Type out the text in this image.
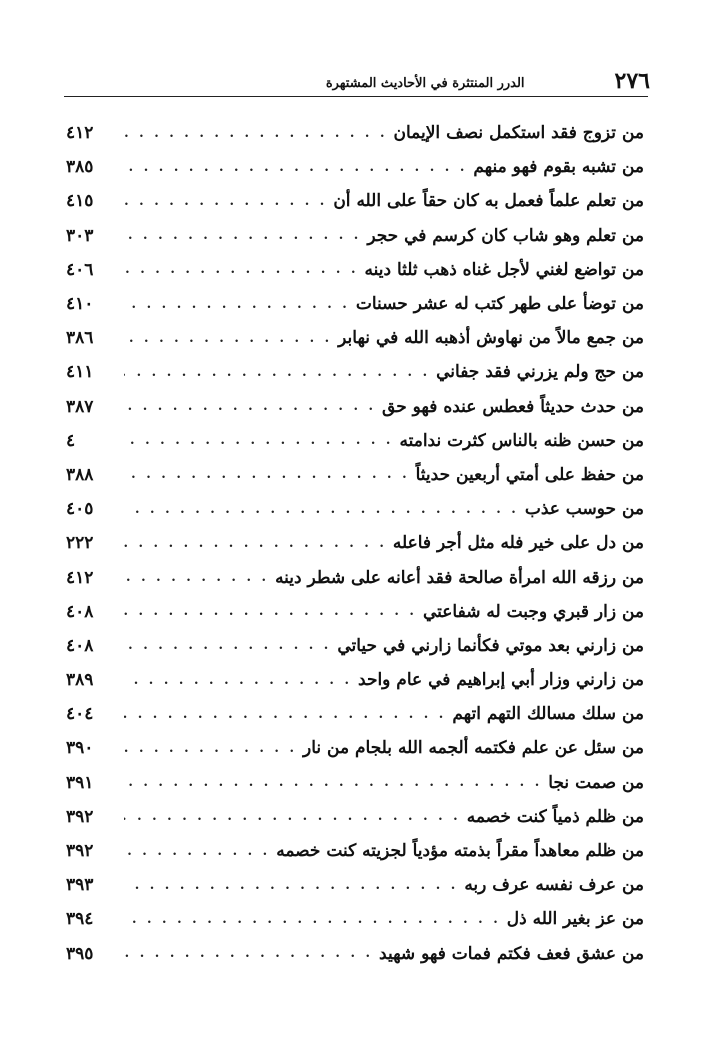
٢٧٦
الدرر المنتثرة في الأحاديث المشتهرة
من تزوج فقد استكمل نصف الإيمان
. . .
٤١٢
من تشبه بقوم فهو منهم
. . .
٣٨٥
من تعلم علماً فعمل به كان حقاً على الله أن
. . .
٤١٥
من تعلم وهو شاب كان كرسم في حجر
. . .
٣٠٣
من تواضع لغني لأجل غناه ذهب ثلثا دينه
. . .
٤٠٦
من توضأ على طهر كتب له عشر حسنات
. . .
٤١٠
من جمع مالاً من نهاوش أذهبه الله في نهابر
. . .
٣٨٦
من حج ولم يزرني فقد جفاني
. . .
٤١١
من حدث حديثاً فعطس عنده فهو حق
. . .
٣٨٧
من حسن ظنه بالناس كثرت ندامته
. . .
٤
من حفظ على أمتي أربعين حديثاً
. . .
٣٨٨
من حوسب عذب
. . .
٤٠٥
من دل على خير فله مثل أجر فاعله
. . .
٢٢٢
من رزقه الله امرأة صالحة فقد أعانه على شطر دينه
. . .
٤١٢
من زار قبري وجبت له شفاعتي
. . .
٤٠٨
من زارني بعد موتي فكأنما زارني في حياتي
. . .
٤٠٨
من زارني وزار أبي إبراهيم في عام واحد
. . .
٣٨٩
من سلك مسالك التهم اتهم
. . .
٤٠٤
من سئل عن علم فكتمه ألجمه الله بلجام من نار
. . .
٣٩٠
من صمت نجا
. . .
٣٩١
من ظلم ذمياً كنت خصمه
. . .
٣٩٢
من ظلم معاهداً مقراً بذمته مؤدياً لجزيته كنت خصمه
. . .
٣٩٢
من عرف نفسه عرف ربه
. . .
٣٩٣
من عز بغير الله ذل
. . .
٣٩٤
من عشق فعف فكتم فمات فهو شهيد
. . .
٣٩٥
